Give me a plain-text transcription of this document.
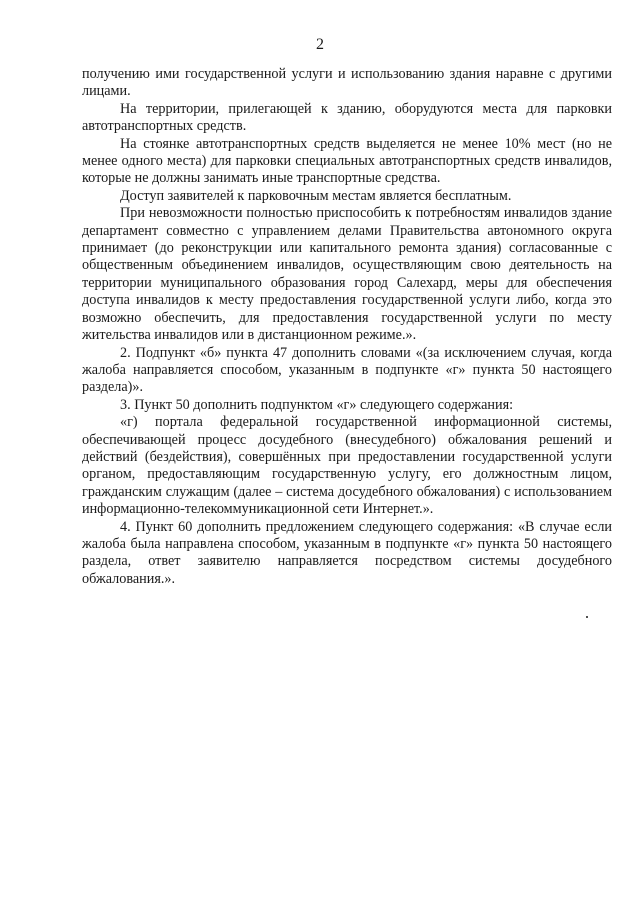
2

получению ими государственной услуги и использованию здания наравне с другими лицами.

На территории, прилегающей к зданию, оборудуются места для парковки автотранспортных средств.

На стоянке автотранспортных средств выделяется не менее 10% мест (но не менее одного места) для парковки специальных автотранспортных средств инвалидов, которые не должны занимать иные транспортные средства.

Доступ заявителей к парковочным местам является бесплатным.

При невозможности полностью приспособить к потребностям инвалидов здание департамент совместно с управлением делами Правительства автономного округа принимает (до реконструкции или капитального ремонта здания) согласованные с общественным объединением инвалидов, осуществляющим свою деятельность на территории муниципального образования город Салехард, меры для обеспечения доступа инвалидов к месту предоставления государственной услуги либо, когда это возможно обеспечить, для предоставления государственной услуги по месту жительства инвалидов или в дистанционном режиме.».

2. Подпункт «б» пункта 47 дополнить словами «(за исключением случая, когда жалоба направляется способом, указанным в подпункте «г» пункта 50 настоящего раздела)».

3. Пункт 50 дополнить подпунктом «г» следующего содержания:

«г) портала федеральной государственной информационной системы, обеспечивающей процесс досудебного (внесудебного) обжалования решений и действий (бездействия), совершённых при предоставлении государственной услуги органом, предоставляющим государственную услугу, его должностным лицом, гражданским служащим (далее – система досудебного обжалования) с использованием информационно-телекоммуникационной сети Интернет.».

4. Пункт 60 дополнить предложением следующего содержания: «В случае если жалоба была направлена способом, указанным в подпункте «г» пункта 50 настоящего раздела, ответ заявителю направляется посредством системы досудебного обжалования.».
